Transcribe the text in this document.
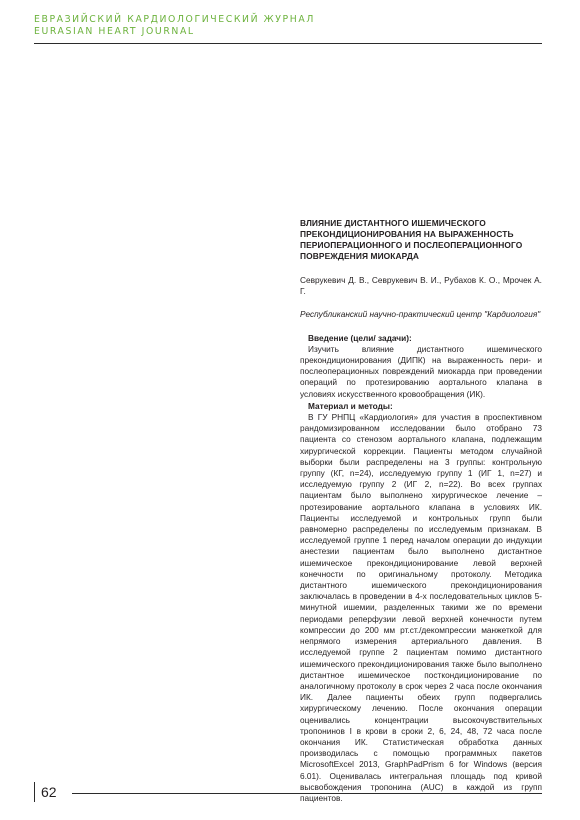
ЕВРАЗИЙСКИЙ КАРДИОЛОГИЧЕСКИЙ ЖУРНАЛ
EURASIAN HEART JOURNAL
ВЛИЯНИЕ ДИСТАНТНОГО ИШЕМИЧЕСКОГО ПРЕКОНДИЦИОНИРОВАНИЯ НА ВЫРАЖЕННОСТЬ ПЕРИОПЕРАЦИОННОГО И ПОСЛЕОПЕРАЦИОННОГО ПОВРЕЖДЕНИЯ МИОКАРДА

Севрукевич Д. В., Севрукевич В. И., Рубахов К. О., Мрочек А. Г.

Республиканский научно-практический центр "Кардиология"

Введение (цели/ задачи):

Изучить влияние дистантного ишемического прекондиционирования (ДИПК) на выраженность пери- и послеоперационных повреждений миокарда при проведении операций по протезированию аортального клапана в условиях искусственного кровообращения (ИК).

Материал и методы:

В ГУ РНПЦ «Кардиология» для участия в проспективном рандомизированном исследовании было отобрано 73 пациента со стенозом аортального клапана, подлежащим хирургической коррекции. Пациенты методом случайной выборки были распределены на 3 группы: контрольную группу (КГ, n=24), исследуемую группу 1 (ИГ 1, n=27) и исследуемую группу 2 (ИГ 2, n=22). Во всех группах пациентам было выполнено хирургическое лечение – протезирование аортального клапана в условиях ИК. Пациенты исследуемой и контрольных групп были равномерно распределены по исследуемым признакам. В исследуемой группе 1 перед началом операции до индукции анестезии пациентам было выполнено дистантное ишемическое прекондиционирование левой верхней конечности по оригинальному протоколу. Методика дистантного ишемического прекондиционирования заключалась в проведении в 4-х последовательных циклов 5-минутной ишемии, разделенных такими же по времени периодами реперфузии левой верхней конечности путем компрессии до 200 мм рт.ст./декомпрессии манжеткой для непрямого измерения артериального давления. В исследуемой группе 2 пациентам помимо дистантного ишемического прекондиционирования также было выполнено дистантное ишемическое посткондиционирование по аналогичному протоколу в срок через 2 часа после окончания ИК. Далее пациенты обеих групп подвергались хирургическому лечению. После окончания операции оценивались концентрации высокочувствительных тропонинов I в крови в сроки 2, 6, 24, 48, 72 часа после окончания ИК. Статистическая обработка данных производилась с помощью программных пакетов MicrosoftExcel 2013, GraphPadPrism 6 for Windows (версия 6.01). Оценивалась интегральная площадь под кривой высвобождения тропонина (AUC) в каждой из групп пациентов.

62
